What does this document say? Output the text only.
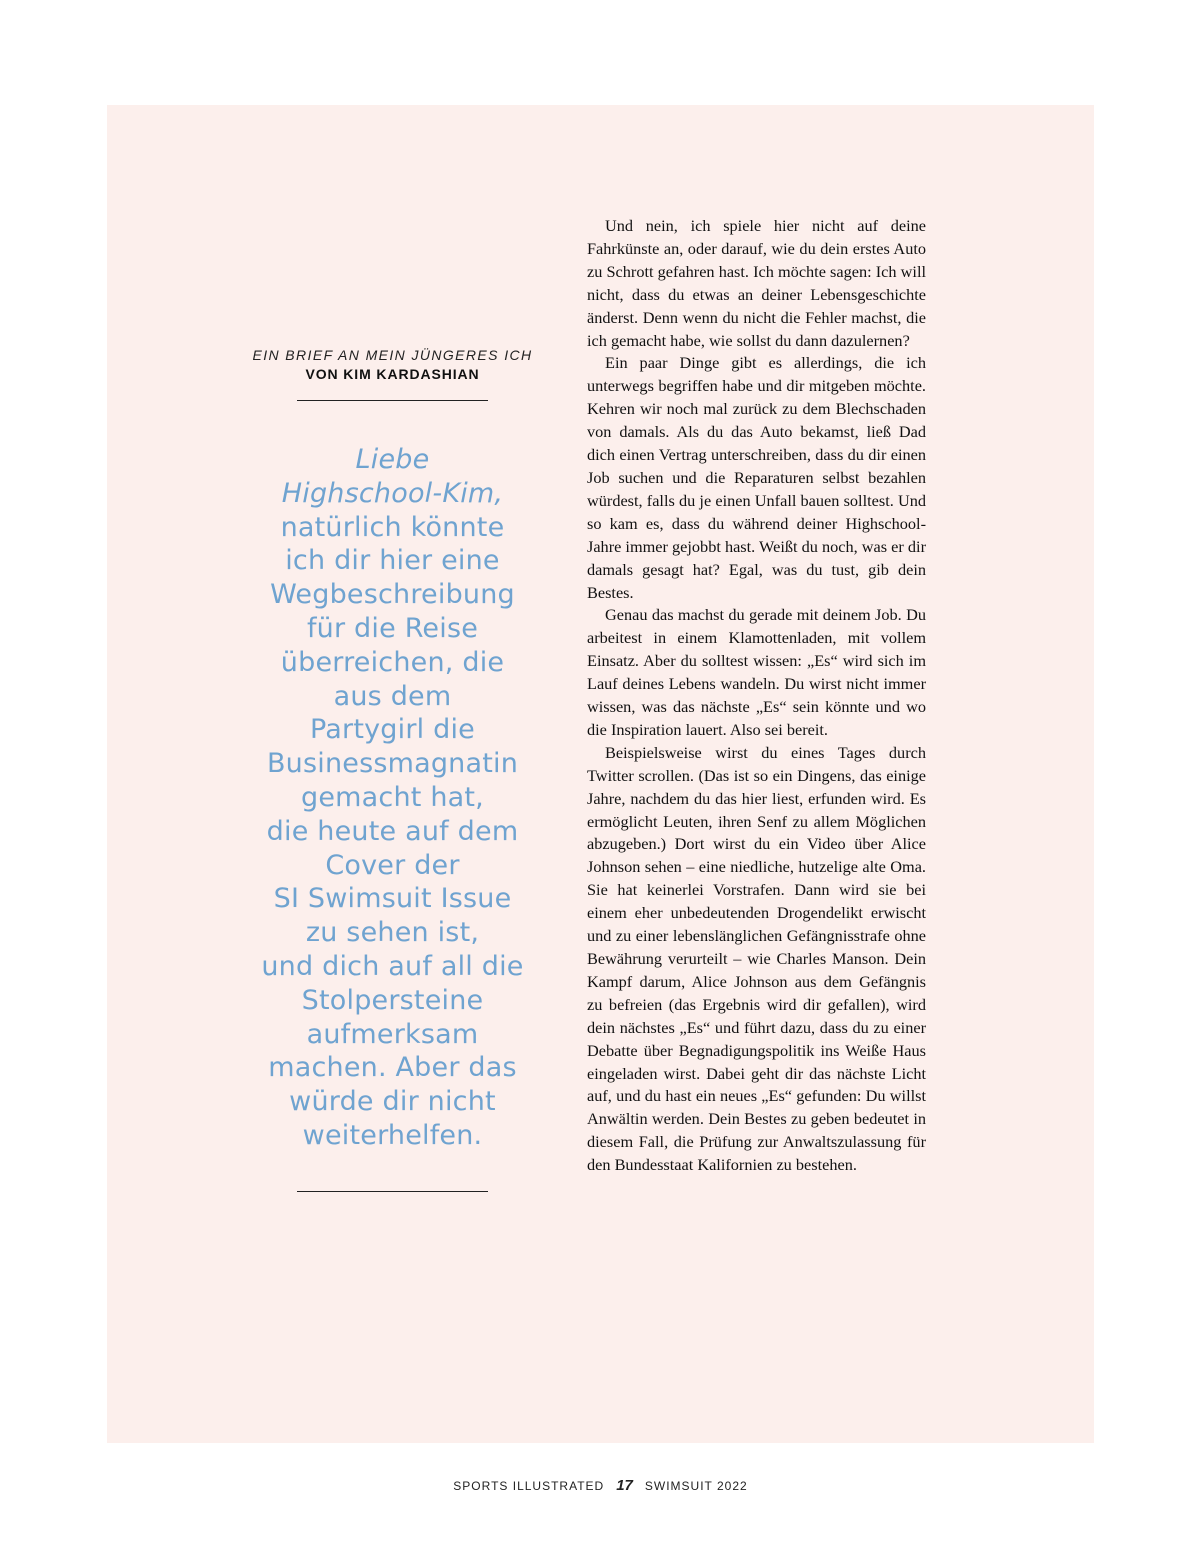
EIN BRIEF AN MEIN JÜNGERES ICH
VON KIM KARDASHIAN
Liebe
Highschool-Kim,
natürlich könnte
ich dir hier eine
Wegbeschreibung
für die Reise
überreichen, die
aus dem
Partygirl die
Businessmagnatin
gemacht hat,
die heute auf dem
Cover der
SI Swimsuit Issue
zu sehen ist,
und dich auf all die
Stolpersteine
aufmerksam
machen. Aber das
würde dir nicht
weiterhelfen.

Und nein, ich spiele hier nicht auf deine Fahrkünste an, oder darauf, wie du dein erstes Auto zu Schrott gefahren hast. Ich möchte sagen: Ich will nicht, dass du etwas an deiner Lebensgeschichte änderst. Denn wenn du nicht die Fehler machst, die ich gemacht habe, wie sollst du dann dazulernen?

Ein paar Dinge gibt es allerdings, die ich unterwegs begriffen habe und dir mitgeben möchte. Kehren wir noch mal zurück zu dem Blechschaden von damals. Als du das Auto bekamst, ließ Dad dich einen Vertrag unterschreiben, dass du dir einen Job suchen und die Reparaturen selbst bezahlen würdest, falls du je einen Unfall bauen solltest. Und so kam es, dass du während deiner Highschool-Jahre immer gejobbt hast. Weißt du noch, was er dir damals gesagt hat? Egal, was du tust, gib dein Bestes.

Genau das machst du gerade mit deinem Job. Du arbeitest in einem Klamottenladen, mit vollem Einsatz. Aber du solltest wissen: „Es“ wird sich im Lauf deines Lebens wandeln. Du wirst nicht immer wissen, was das nächste „Es“ sein könnte und wo die Inspiration lauert. Also sei bereit.

Beispielsweise wirst du eines Tages durch Twitter scrollen. (Das ist so ein Dingens, das einige Jahre, nachdem du das hier liest, erfunden wird. Es ermöglicht Leuten, ihren Senf zu allem Möglichen abzugeben.) Dort wirst du ein Video über Alice Johnson sehen – eine niedliche, hutzelige alte Oma. Sie hat keinerlei Vorstrafen. Dann wird sie bei einem eher unbedeutenden Drogendelikt erwischt und zu einer lebenslänglichen Gefängnisstrafe ohne Bewährung verurteilt – wie Charles Manson. Dein Kampf darum, Alice Johnson aus dem Gefängnis zu befreien (das Ergebnis wird dir gefallen), wird dein nächstes „Es“ und führt dazu, dass du zu einer Debatte über Begnadigungspolitik ins Weiße Haus eingeladen wirst. Dabei geht dir das nächste Licht auf, und du hast ein neues „Es“ gefunden: Du willst Anwältin werden. Dein Bestes zu geben bedeutet in diesem Fall, die Prüfung zur Anwaltszulassung für den Bundesstaat Kalifornien zu bestehen.

SPORTS ILLUSTRATED 17 SWIMSUIT 2022
